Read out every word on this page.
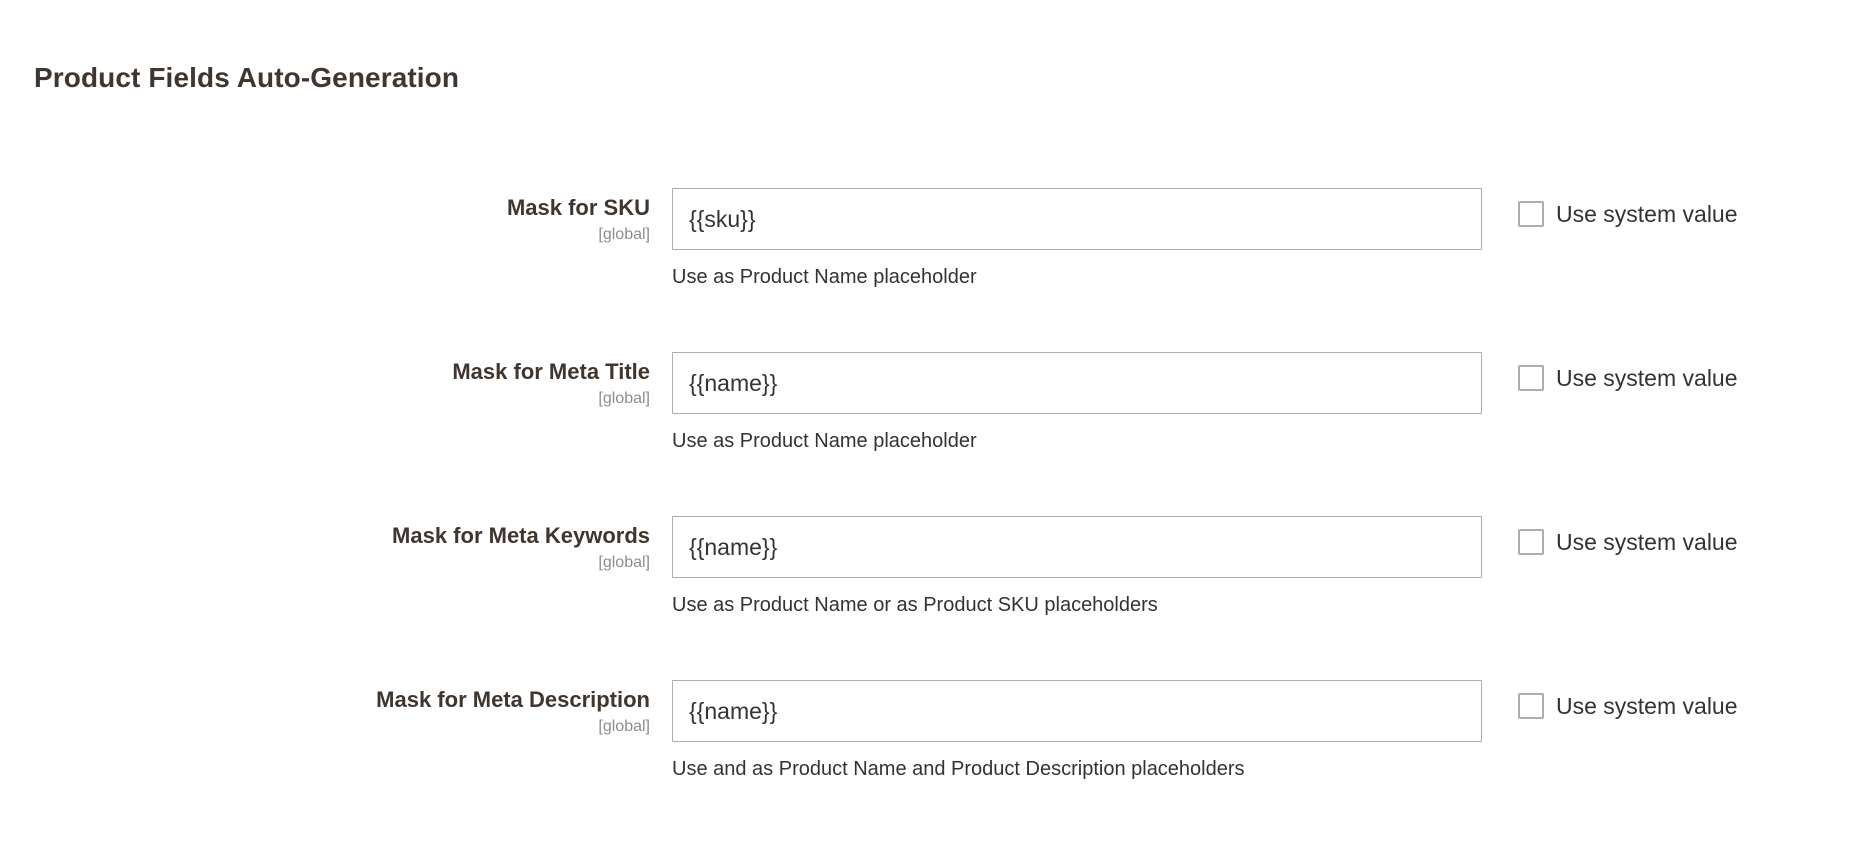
Product Fields Auto-Generation
Mask for SKU
[global]
{{sku}}
Use as Product Name placeholder
Use system value
Mask for Meta Title
[global]
{{name}}
Use as Product Name placeholder
Use system value
Mask for Meta Keywords
[global]
{{name}}
Use as Product Name or as Product SKU placeholders
Use system value
Mask for Meta Description
[global]
{{name}}
Use and as Product Name and Product Description placeholders
Use system value
